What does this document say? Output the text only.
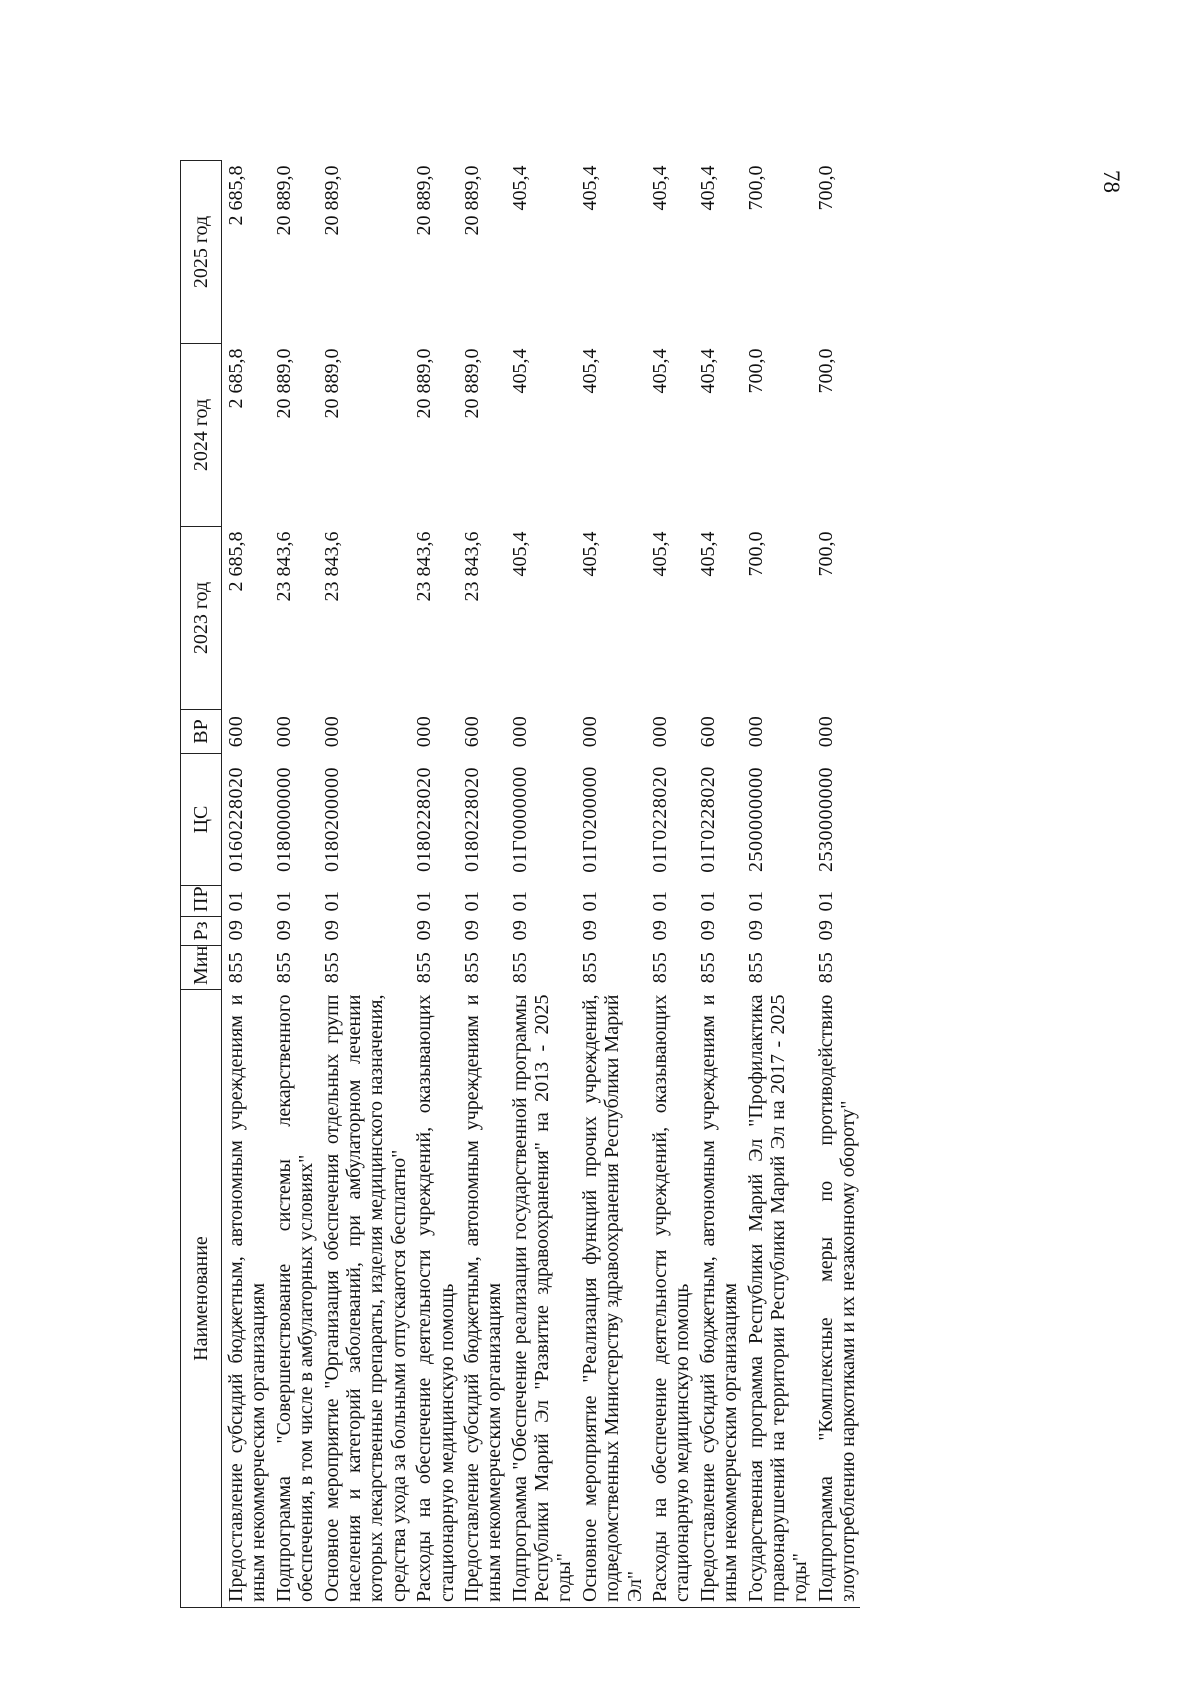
78
Наименование	Мин	Рз	ПР	ЦС	ВР	2023 год	2024 год	2025 год
Предоставление субсидий бюджетным, автономным учреждениям и иным некоммерческим организациям	855	09	01	0160228020	600	2 685,8	2 685,8	2 685,8
Подпрограмма "Совершенствование системы лекарственного обеспечения, в том числе в амбулаторных условиях"	855	09	01	0180000000	000	23 843,6	20 889,0	20 889,0
Основное мероприятие "Организация обеспечения отдельных групп населения и категорий заболеваний, при амбулаторном лечении которых лекарственные препараты, изделия медицинского назначения, средства ухода за больными отпускаются бесплатно"	855	09	01	0180200000	000	23 843,6	20 889,0	20 889,0
Расходы на обеспечение деятельности учреждений, оказывающих стационарную медицинскую помощь	855	09	01	0180228020	000	23 843,6	20 889,0	20 889,0
Предоставление субсидий бюджетным, автономным учреждениям и иным некоммерческим организациям	855	09	01	0180228020	600	23 843,6	20 889,0	20 889,0
Подпрограмма "Обеспечение реализации государственной программы Республики Марий Эл "Развитие здравоохранения" на 2013 - 2025 годы"	855	09	01	01Г0000000	000	405,4	405,4	405,4
Основное мероприятие "Реализация функций прочих учреждений, подведомственных Министерству здравоохранения Республики Марий Эл"	855	09	01	01Г0200000	000	405,4	405,4	405,4
Расходы на обеспечение деятельности учреждений, оказывающих стационарную медицинскую помощь	855	09	01	01Г0228020	000	405,4	405,4	405,4
Предоставление субсидий бюджетным, автономным учреждениям и иным некоммерческим организациям	855	09	01	01Г0228020	600	405,4	405,4	405,4
Государственная программа Республики Марий Эл "Профилактика правонарушений на территории Республики Марий Эл на 2017 - 2025 годы"	855	09	01	2500000000	000	700,0	700,0	700,0
Подпрограмма "Комплексные меры по противодействию злоупотреблению наркотиками и их незаконному обороту"	855	09	01	2530000000	000	700,0	700,0	700,0
